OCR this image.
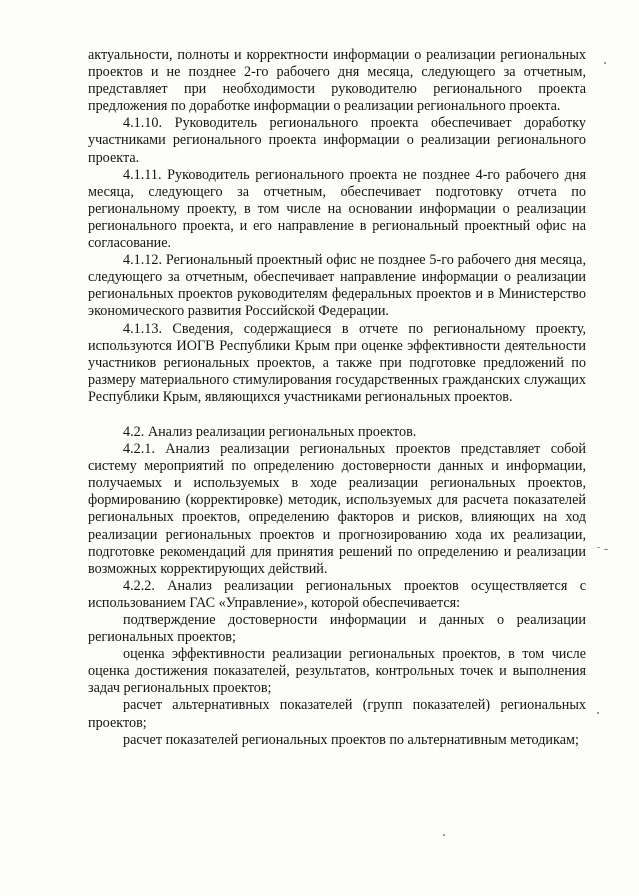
актуальности, полноты и корректности информации о реализации региональных проектов и не позднее 2-го рабочего дня месяца, следующего за отчетным, представляет при необходимости руководителю регионального проекта предложения по доработке информации о реализации регионального проекта.

4.1.10. Руководитель регионального проекта обеспечивает доработку участниками регионального проекта информации о реализации регионального проекта.

4.1.11. Руководитель регионального проекта не позднее 4-го рабочего дня месяца, следующего за отчетным, обеспечивает подготовку отчета по региональному проекту, в том числе на основании информации о реализации регионального проекта, и его направление в региональный проектный офис на согласование.

4.1.12. Региональный проектный офис не позднее 5-го рабочего дня месяца, следующего за отчетным, обеспечивает направление информации о реализации региональных проектов руководителям федеральных проектов и в Министерство экономического развития Российской Федерации.

4.1.13. Сведения, содержащиеся в отчете по региональному проекту, используются ИОГВ Республики Крым при оценке эффективности деятельности участников региональных проектов, а также при подготовке предложений по размеру материального стимулирования государственных гражданских служащих Республики Крым, являющихся участниками региональных проектов.

4.2. Анализ реализации региональных проектов.

4.2.1. Анализ реализации региональных проектов представляет собой систему мероприятий по определению достоверности данных и информации, получаемых и используемых в ходе реализации региональных проектов, формированию (корректировке) методик, используемых для расчета показателей региональных проектов, определению факторов и рисков, влияющих на ход реализации региональных проектов и прогнозированию хода их реализации, подготовке рекомендаций для принятия решений по определению и реализации возможных корректирующих действий.

4.2.2. Анализ реализации региональных проектов осуществляется с использованием ГАС «Управление», которой обеспечивается:

подтверждение достоверности информации и данных о реализации региональных проектов;

оценка эффективности реализации региональных проектов, в том числе оценка достижения показателей, результатов, контрольных точек и выполнения задач региональных проектов;

расчет альтернативных показателей (групп показателей) региональных проектов;

расчет показателей региональных проектов по альтернативным методикам;
